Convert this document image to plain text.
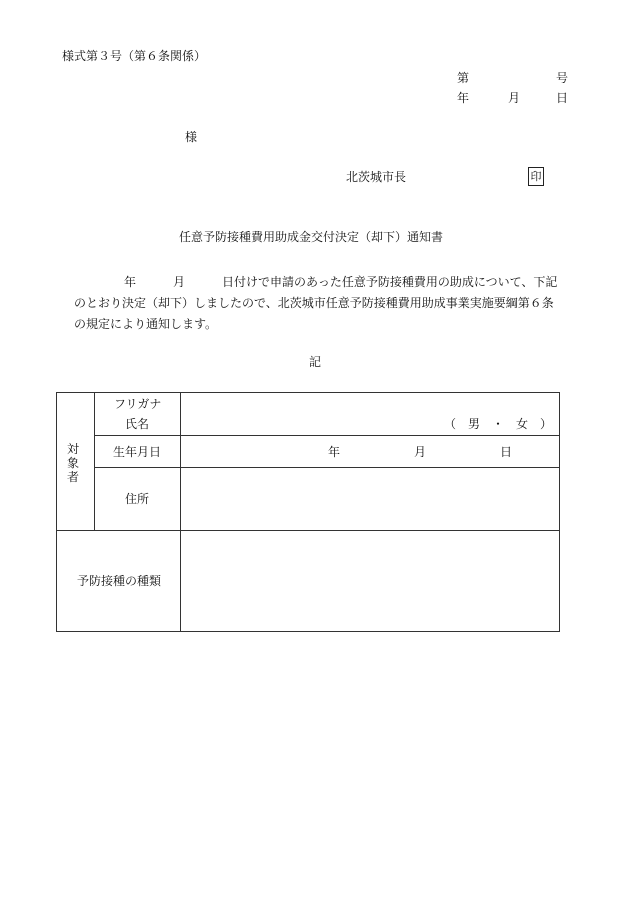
様式第３号（第６条関係）
第	号
年	月	日
様
北茨城市長	印
任意予防接種費用助成金交付決定（却下）通知書
年	月	日付けで申請のあった任意予防接種費用の助成について、下記
のとおり決定（却下）しましたので、北茨城市任意予防接種費用助成事業実施要綱第６条
の規定により通知します。
記
対象者
フリガナ
氏名	（　男　・　女　）
生年月日	年	月	日
住所
予防接種の種類
